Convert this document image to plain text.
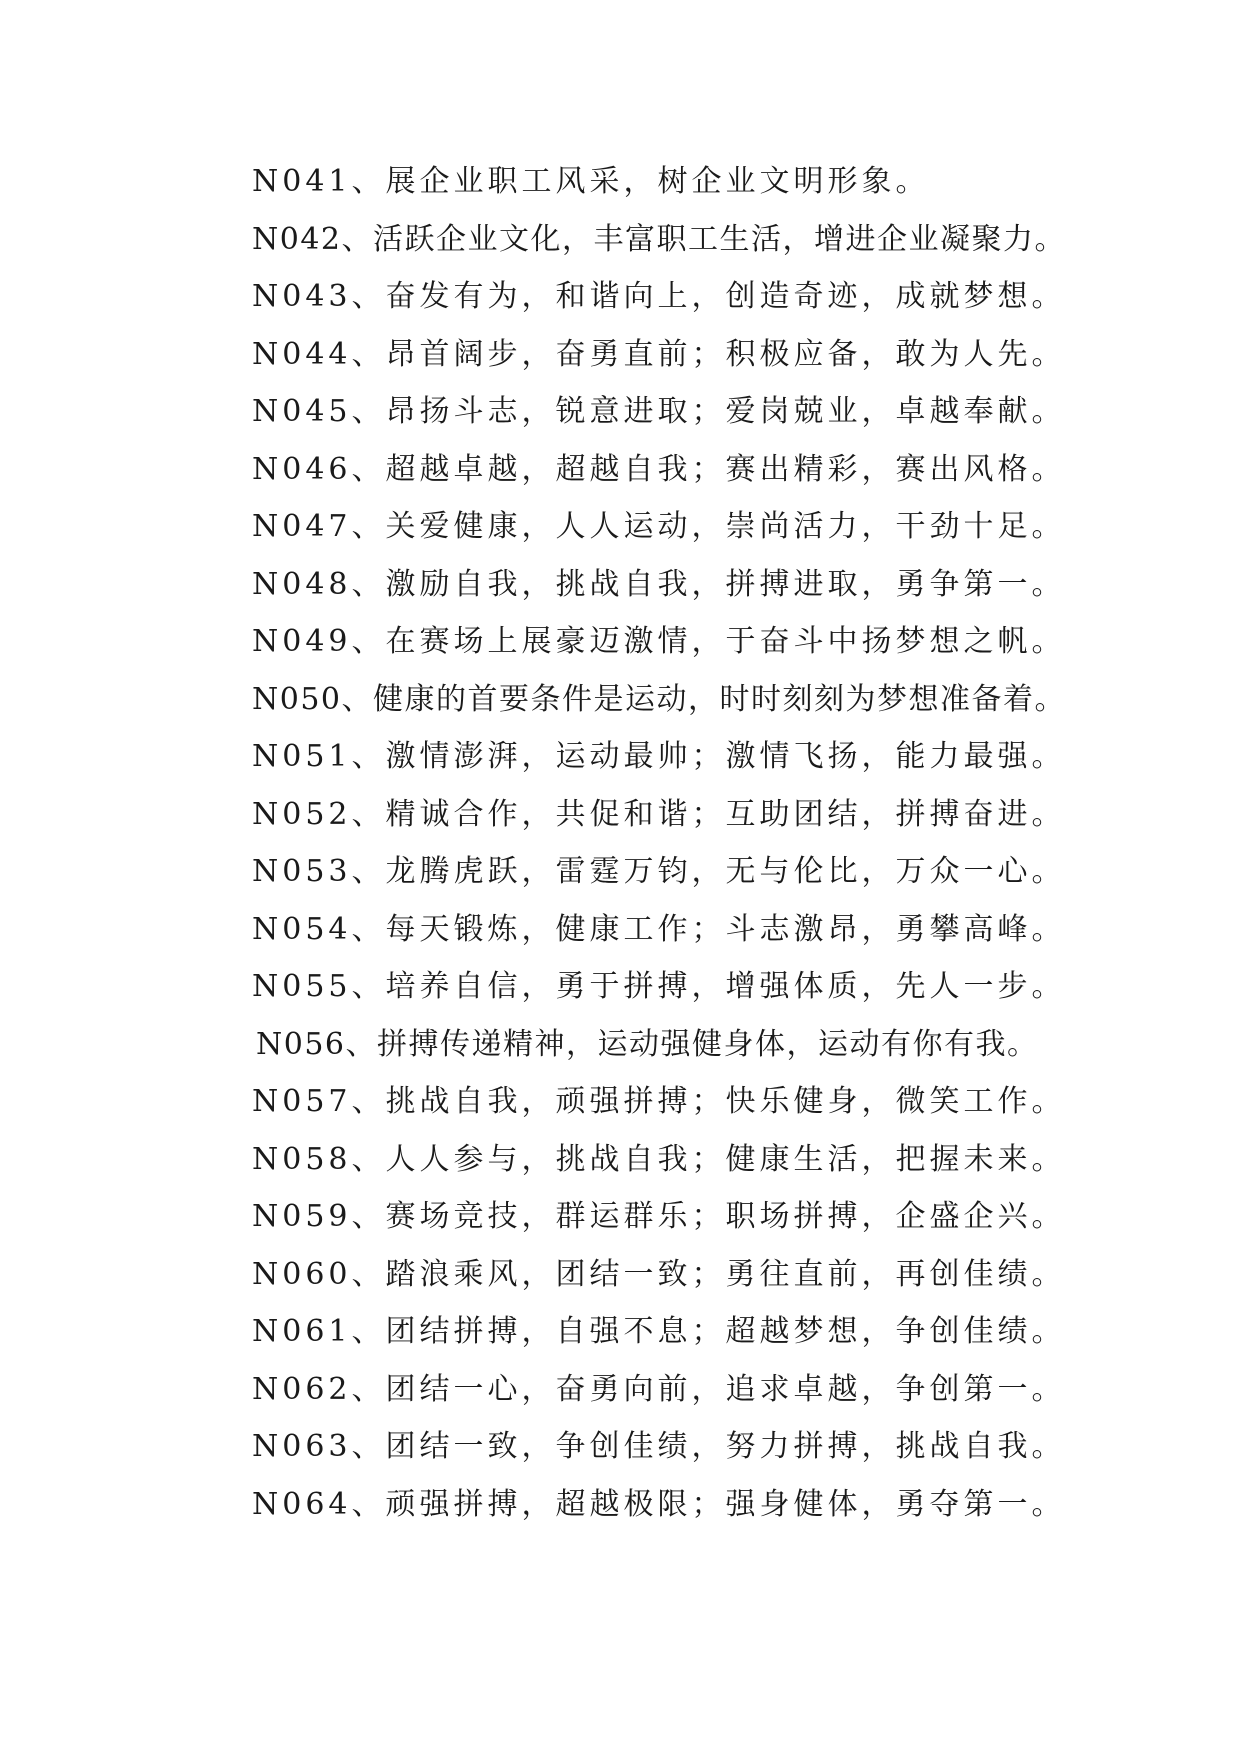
N041、展企业职工风采，树企业文明形象。
N042、活跃企业文化，丰富职工生活，增进企业凝聚力。
N043、奋发有为，和谐向上，创造奇迹，成就梦想。
N044、昂首阔步，奋勇直前；积极应备，敢为人先。
N045、昂扬斗志，锐意进取；爱岗兢业，卓越奉献。
N046、超越卓越，超越自我；赛出精彩，赛出风格。
N047、关爱健康，人人运动，崇尚活力，干劲十足。
N048、激励自我，挑战自我，拼搏进取，勇争第一。
N049、在赛场上展豪迈激情，于奋斗中扬梦想之帆。
N050、健康的首要条件是运动，时时刻刻为梦想准备着。
N051、激情澎湃，运动最帅；激情飞扬，能力最强。
N052、精诚合作，共促和谐；互助团结，拼搏奋进。
N053、龙腾虎跃，雷霆万钧，无与伦比，万众一心。
N054、每天锻炼，健康工作；斗志激昂，勇攀高峰。
N055、培养自信，勇于拼搏，增强体质，先人一步。
N056、拼搏传递精神，运动强健身体，运动有你有我。
N057、挑战自我，顽强拼搏；快乐健身，微笑工作。
N058、人人参与，挑战自我；健康生活，把握未来。
N059、赛场竞技，群运群乐；职场拼搏，企盛企兴。
N060、踏浪乘风，团结一致；勇往直前，再创佳绩。
N061、团结拼搏，自强不息；超越梦想，争创佳绩。
N062、团结一心，奋勇向前，追求卓越，争创第一。
N063、团结一致，争创佳绩，努力拼搏，挑战自我。
N064、顽强拼搏，超越极限；强身健体，勇夺第一。
